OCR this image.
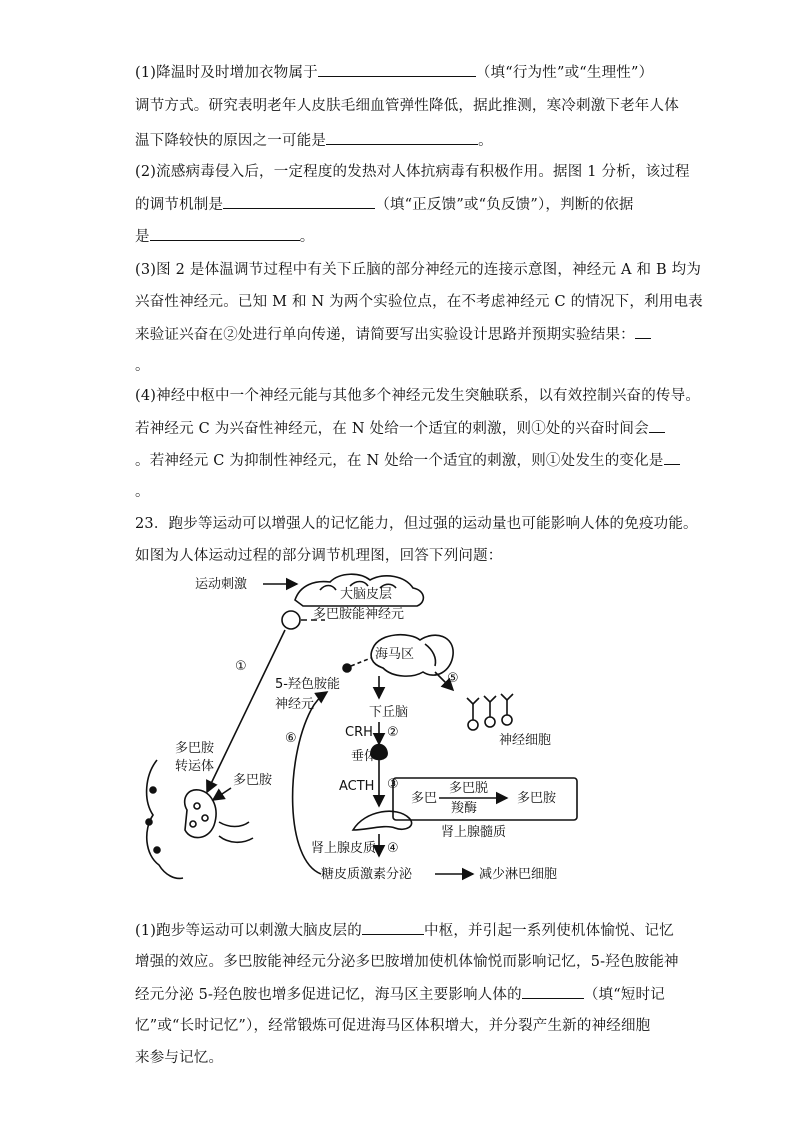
(1)降温时及时增加衣物属于	（填“行为性”或“生理性”）
调节方式。研究表明老年人皮肤毛细血管弹性降低，据此推测，寒冷刺激下老年人体
温下降较快的原因之一可能是	。
(2)流感病毒侵入后，一定程度的发热对人体抗病毒有积极作用。据图 1 分析，该过程
的调节机制是	（填“正反馈”或“负反馈”），判断的依据
是	。
(3)图 2 是体温调节过程中有关下丘脑的部分神经元的连接示意图，神经元 A 和 B 均为
兴奋性神经元。已知 M 和 N 为两个实验位点，在不考虑神经元 C 的情况下，利用电表
来验证兴奋在②处进行单向传递，请简要写出实验设计思路并预期实验结果：
。
(4)神经中枢中一个神经元能与其他多个神经元发生突触联系，以有效控制兴奋的传导。
若神经元 C 为兴奋性神经元，在 N 处给一个适宜的刺激，则①处的兴奋时间会
。若神经元 C 为抑制性神经元，在 N 处给一个适宜的刺激，则①处发生的变化是
。
23．跑步等运动可以增强人的记忆能力，但过强的运动量也可能影响人体的免疫功能。
如图为人体运动过程的部分调节机理图，回答下列问题：
运动刺激
大脑皮层
多巴胺能神经元
①
海马区
5-羟色胺能
神经元
⑤
下丘脑
CRH ②
神经细胞
⑥
垂体
ACTH ③
多巴
多巴脱
羧酶
多巴胺
肾上腺髓质
多巴胺
转运体
多巴胺
肾上腺皮质 ④
糖皮质激素分泌	减少淋巴细胞
(1)跑步等运动可以刺激大脑皮层的	中枢，并引起一系列使机体愉悦、记忆
增强的效应。多巴胺能神经元分泌多巴胺增加使机体愉悦而影响记忆，5-羟色胺能神
经元分泌 5-羟色胺也增多促进记忆，海马区主要影响人体的	（填“短时记
忆”或“长时记忆”），经常锻炼可促进海马区体积增大，并分裂产生新的神经细胞
来参与记忆。
